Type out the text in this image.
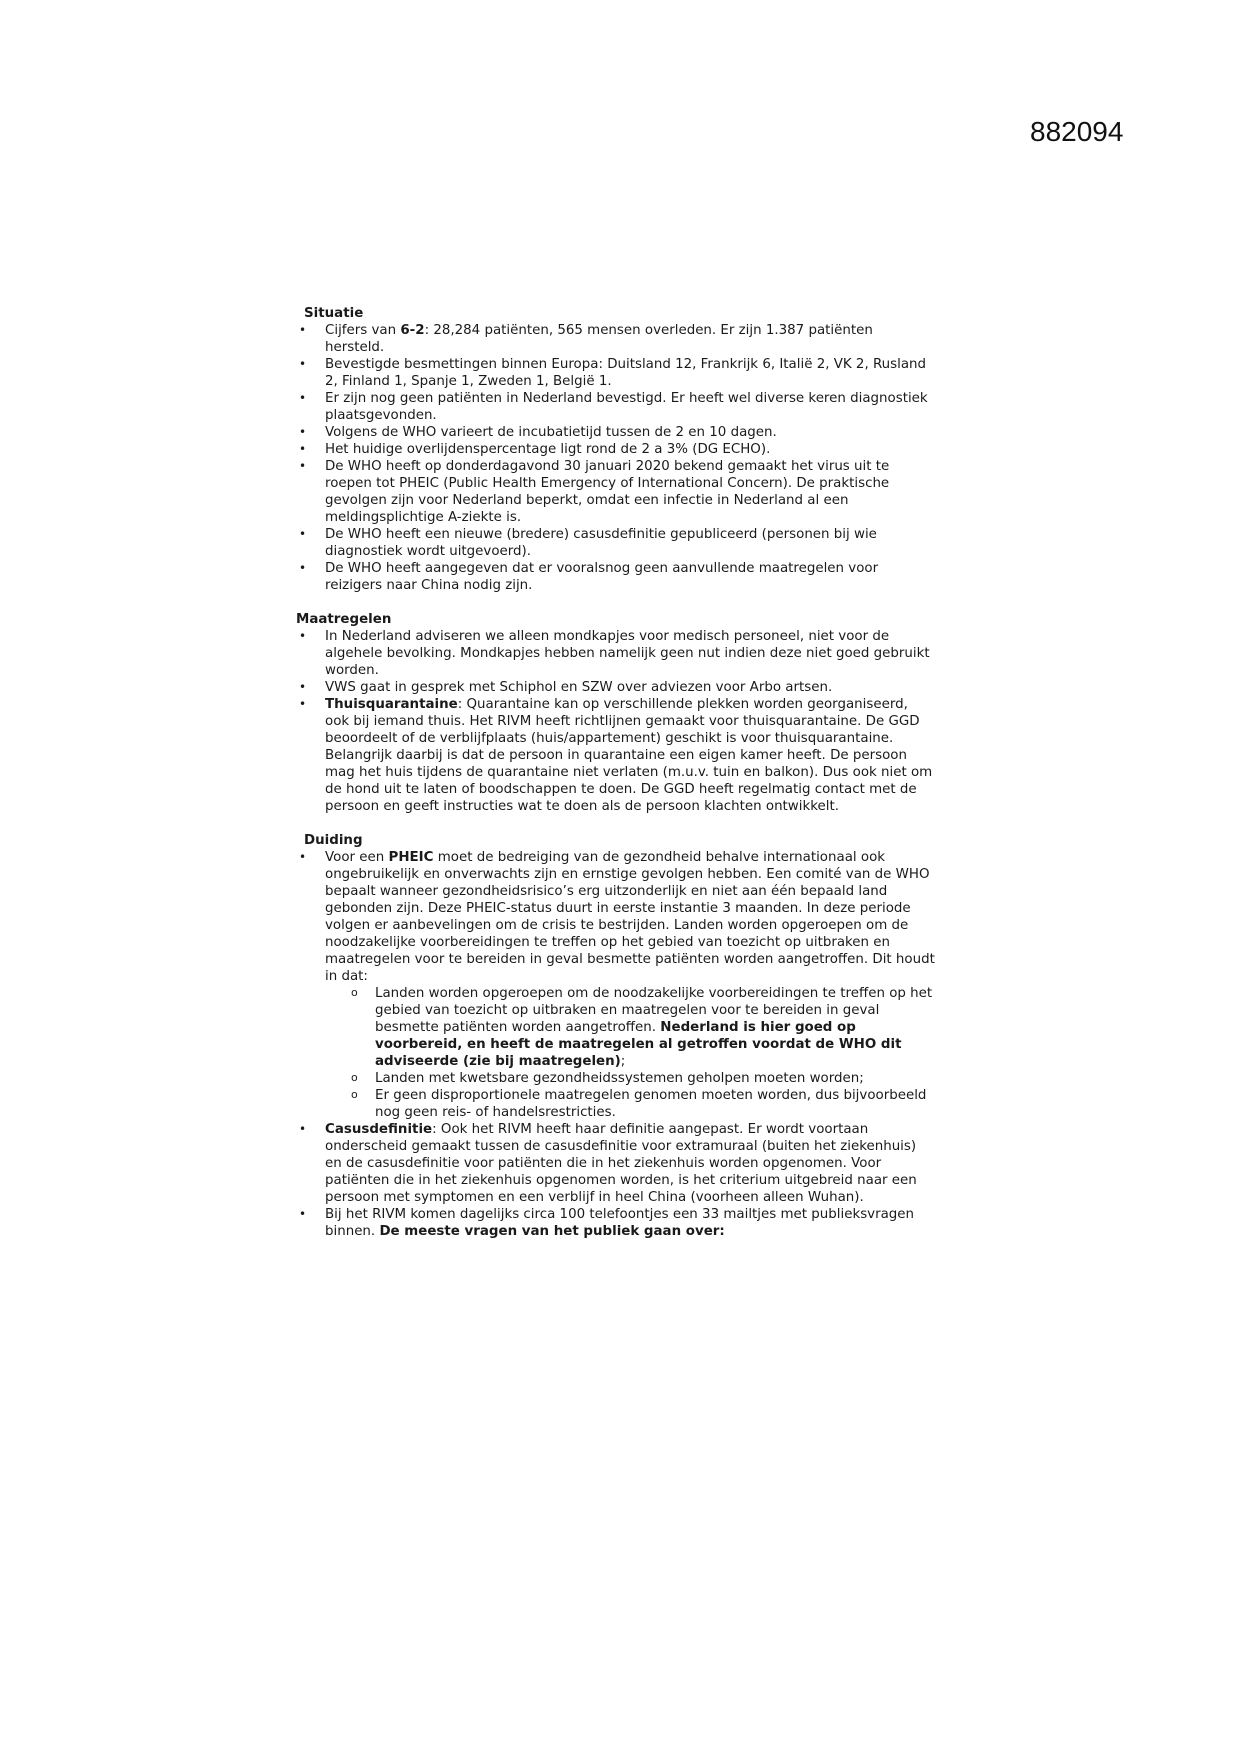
882094

Situatie

• Cijfers van 6-2: 28,284 patiënten, 565 mensen overleden. Er zijn 1.387 patiënten hersteld.
• Bevestigde besmettingen binnen Europa: Duitsland 12, Frankrijk 6, Italië 2, VK 2, Rusland 2, Finland 1, Spanje 1, Zweden 1, België 1.
• Er zijn nog geen patiënten in Nederland bevestigd. Er heeft wel diverse keren diagnostiek plaatsgevonden.
• Volgens de WHO varieert de incubatietijd tussen de 2 en 10 dagen.
• Het huidige overlijdenspercentage ligt rond de 2 a 3% (DG ECHO).
• De WHO heeft op donderdagavond 30 januari 2020 bekend gemaakt het virus uit te roepen tot PHEIC (Public Health Emergency of International Concern). De praktische gevolgen zijn voor Nederland beperkt, omdat een infectie in Nederland al een meldingsplichtige A-ziekte is.
• De WHO heeft een nieuwe (bredere) casusdefinitie gepubliceerd (personen bij wie diagnostiek wordt uitgevoerd).
• De WHO heeft aangegeven dat er vooralsnog geen aanvullende maatregelen voor reizigers naar China nodig zijn.

Maatregelen

• In Nederland adviseren we alleen mondkapjes voor medisch personeel, niet voor de algehele bevolking. Mondkapjes hebben namelijk geen nut indien deze niet goed gebruikt worden.
• VWS gaat in gesprek met Schiphol en SZW over adviezen voor Arbo artsen.
• Thuisquarantaine: Quarantaine kan op verschillende plekken worden georganiseerd, ook bij iemand thuis. Het RIVM heeft richtlijnen gemaakt voor thuisquarantaine. De GGD beoordeelt of de verblijfplaats (huis/appartement) geschikt is voor thuisquarantaine. Belangrijk daarbij is dat de persoon in quarantaine een eigen kamer heeft. De persoon mag het huis tijdens de quarantaine niet verlaten (m.u.v. tuin en balkon). Dus ook niet om de hond uit te laten of boodschappen te doen. De GGD heeft regelmatig contact met de persoon en geeft instructies wat te doen als de persoon klachten ontwikkelt.

Duiding

• Voor een PHEIC moet de bedreiging van de gezondheid behalve internationaal ook ongebruikelijk en onverwachts zijn en ernstige gevolgen hebben. Een comité van de WHO bepaalt wanneer gezondheidsrisico’s erg uitzonderlijk en niet aan één bepaald land gebonden zijn. Deze PHEIC-status duurt in eerste instantie 3 maanden. In deze periode volgen er aanbevelingen om de crisis te bestrijden. Landen worden opgeroepen om de noodzakelijke voorbereidingen te treffen op het gebied van toezicht op uitbraken en maatregelen voor te bereiden in geval besmette patiënten worden aangetroffen. Dit houdt in dat:
o Landen worden opgeroepen om de noodzakelijke voorbereidingen te treffen op het gebied van toezicht op uitbraken en maatregelen voor te bereiden in geval besmette patiënten worden aangetroffen. Nederland is hier goed op voorbereid, en heeft de maatregelen al getroffen voordat de WHO dit adviseerde (zie bij maatregelen);
o Landen met kwetsbare gezondheidssystemen geholpen moeten worden;
o Er geen disproportionele maatregelen genomen moeten worden, dus bijvoorbeeld nog geen reis- of handelsrestricties.
• Casusdefinitie: Ook het RIVM heeft haar definitie aangepast. Er wordt voortaan onderscheid gemaakt tussen de casusdefinitie voor extramuraal (buiten het ziekenhuis) en de casusdefinitie voor patiënten die in het ziekenhuis worden opgenomen. Voor patiënten die in het ziekenhuis opgenomen worden, is het criterium uitgebreid naar een persoon met symptomen en een verblijf in heel China (voorheen alleen Wuhan).
• Bij het RIVM komen dagelijks circa 100 telefoontjes een 33 mailtjes met publieksvragen binnen. De meeste vragen van het publiek gaan over:
